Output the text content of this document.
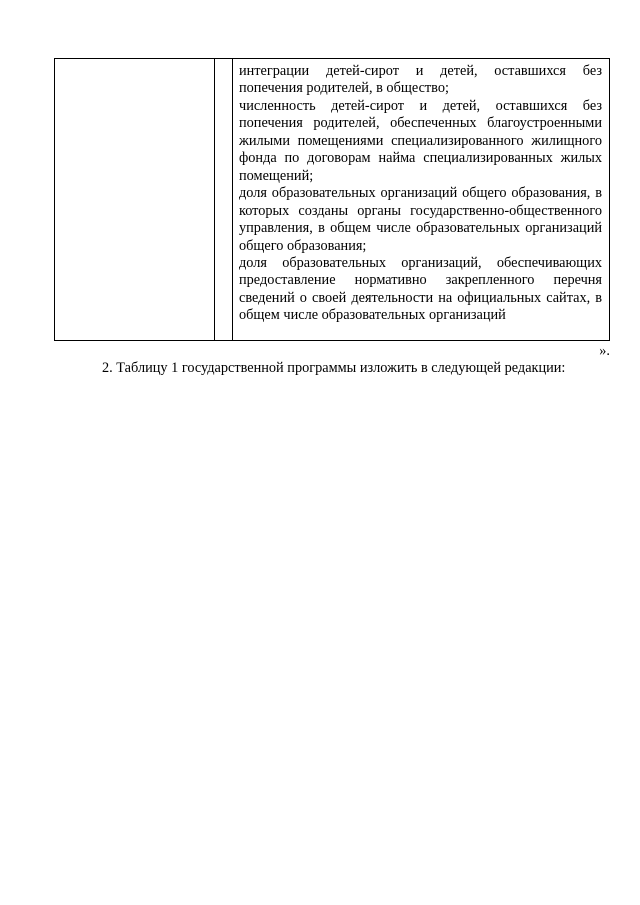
интеграции детей-сирот и детей, оставшихся без попечения родителей, в общество;

численность детей-сирот и детей, оставшихся без попечения родителей, обеспеченных благоустроенными жилыми помещениями специализированного жилищного фонда по договорам найма специализированных жилых помещений;

доля образовательных организаций общего образования, в которых созданы органы государственно-общественного управления, в общем числе образовательных организаций общего образования;

доля образовательных организаций, обеспечивающих предоставление нормативно закрепленного перечня сведений о своей деятельности на официальных сайтах, в общем числе образовательных организаций

».
2. Таблицу 1 государственной программы изложить в следующей редакции:
